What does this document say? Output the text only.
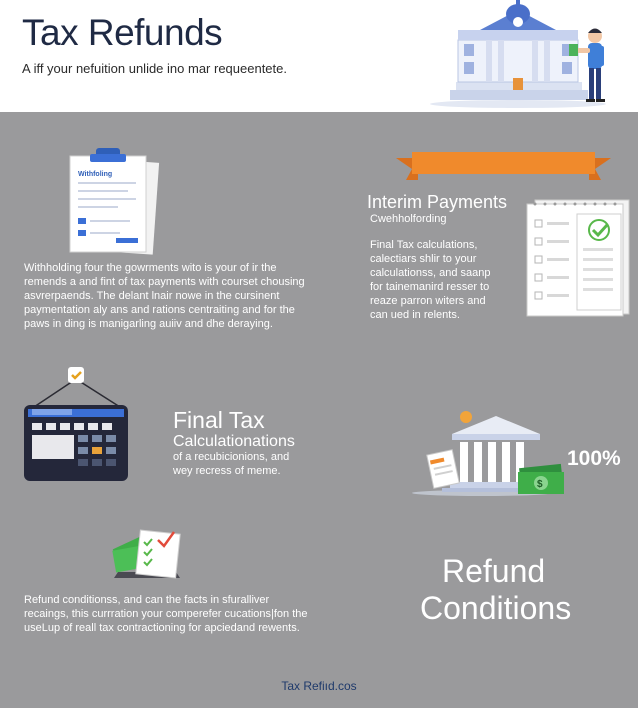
Tax Refunds
A iff your nefuition unlide ino mar requeentete.
Withfoling
Withholding four the gowrments wito is your of ir the remends a and fint of tax payments with courset chousing asvrerpaends. The delant lnair nowe in the cursinent paymentation aly ans and rations centraiting and for the paws in ding is manigarling auiiv and dhe deraying.
Interim Payments
Cwehholfording
Final Tax calculations, calectiars shlir to your calculationss, and saanp for tainemanird resser to reaze parron witers and can ued in relents.
Final Tax
Calculationations
of a recubicionions, and wey recress of meme.
$
100%
Refund conditionss, and can the facts in sfuralliver recaings, this currration your comperefer cucations|fon the useLup of reall tax contractioning for apciedand rewents.
Refund
Conditions
Tax Refiıd.cos
